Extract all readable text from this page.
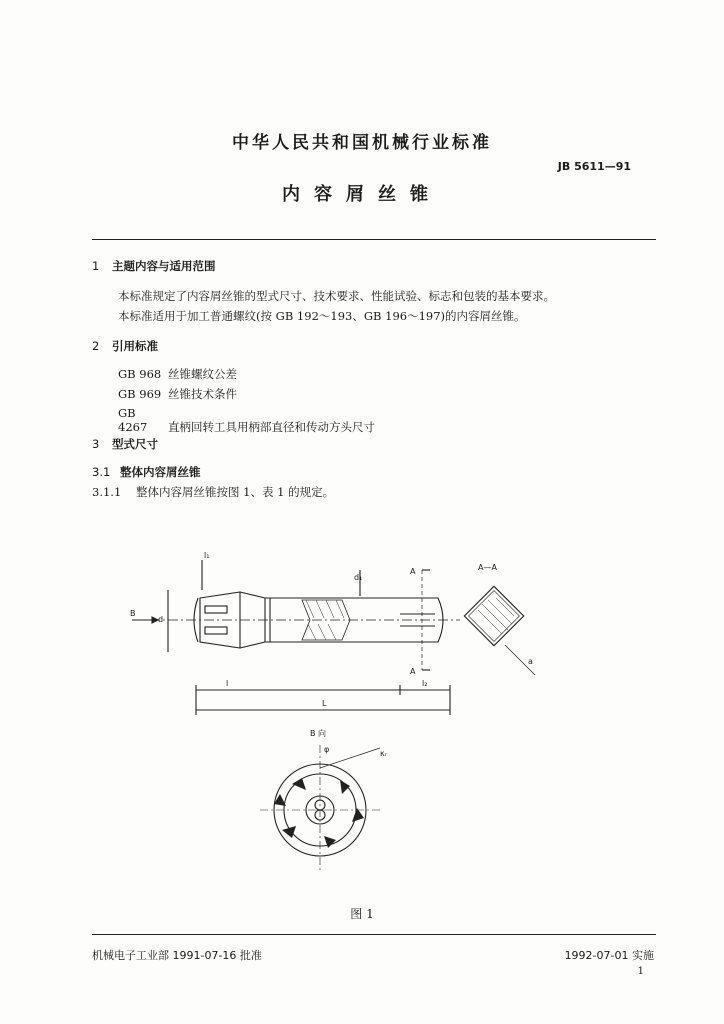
中华人民共和国机械行业标准
JB 5611—91
内容屑丝锥
1 主题内容与适用范围
本标准规定了内容屑丝锥的型式尺寸、技术要求、性能试验、标志和包装的基本要求。
本标准适用于加工普通螺纹(按 GB 192～193、GB 196～197)的内容屑丝锥。
2 引用标准
GB 968 丝锥螺纹公差
GB 969 丝锥技术条件
GB 4267 直柄回转工具用柄部直径和传动方头尺寸
3 型式尺寸
3.1 整体内容屑丝锥
3.1.1 整体内容屑丝锥按图 1、表 1 的规定。
B
A
A
A—A
B 向
l
L
l₂
a
d
d₁
l₁
φ	κᵣ
图 1
机械电子工业部 1991-07-16 批准	1992-07-01 实施
1
